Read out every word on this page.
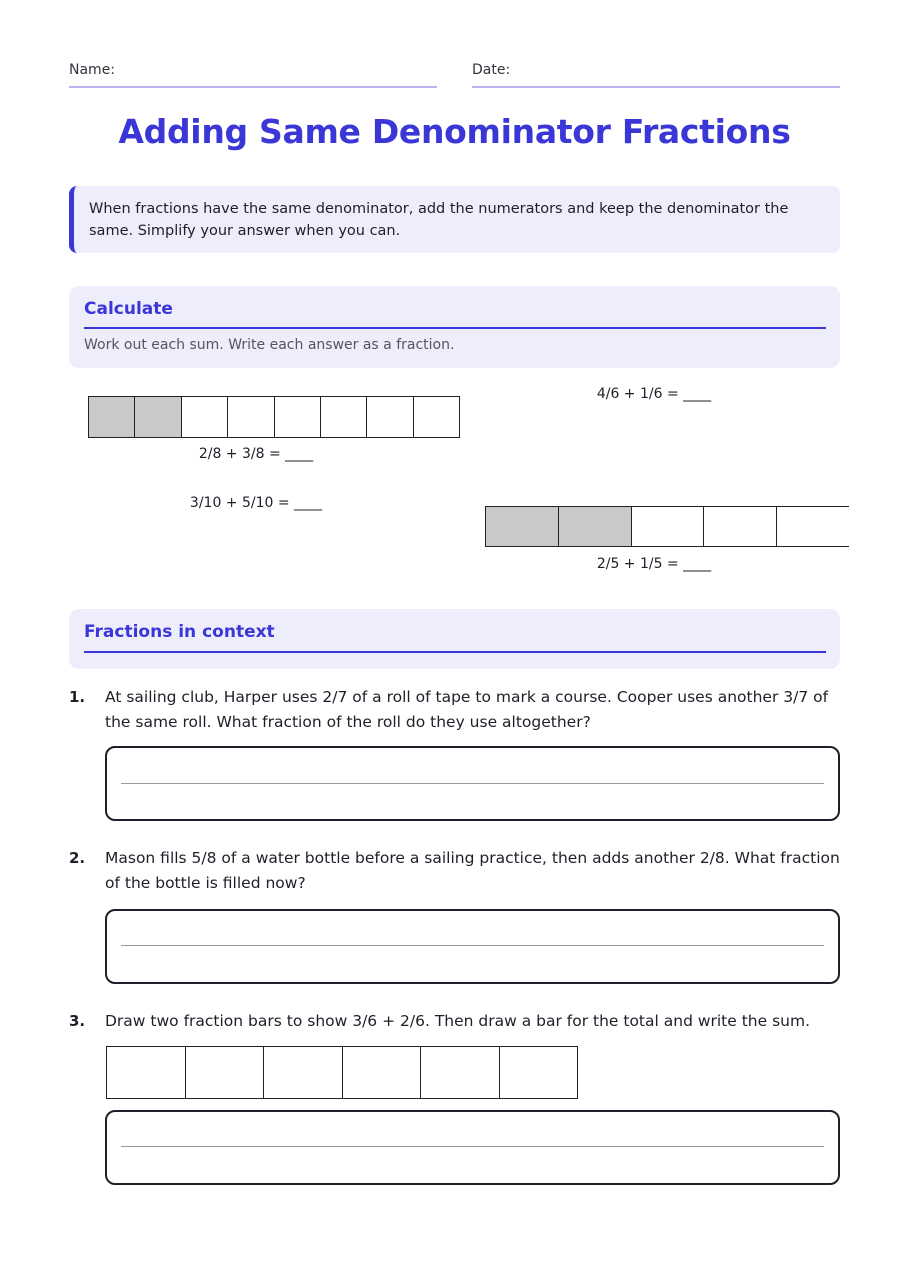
Name:	Date:
Adding Same Denominator Fractions
When fractions have the same denominator, add the numerators and keep the denominator the same. Simplify your answer when you can.
Calculate
Work out each sum. Write each answer as a fraction.
2/8 + 3/8 = ____
4/6 + 1/6 = ____
3/10 + 5/10 = ____
2/5 + 1/5 = ____
Fractions in context
1. At sailing club, Harper uses 2/7 of a roll of tape to mark a course. Cooper uses another 3/7 of the same roll. What fraction of the roll do they use altogether?
2. Mason fills 5/8 of a water bottle before a sailing practice, then adds another 2/8. What fraction of the bottle is filled now?
3. Draw two fraction bars to show 3/6 + 2/6. Then draw a bar for the total and write the sum.
